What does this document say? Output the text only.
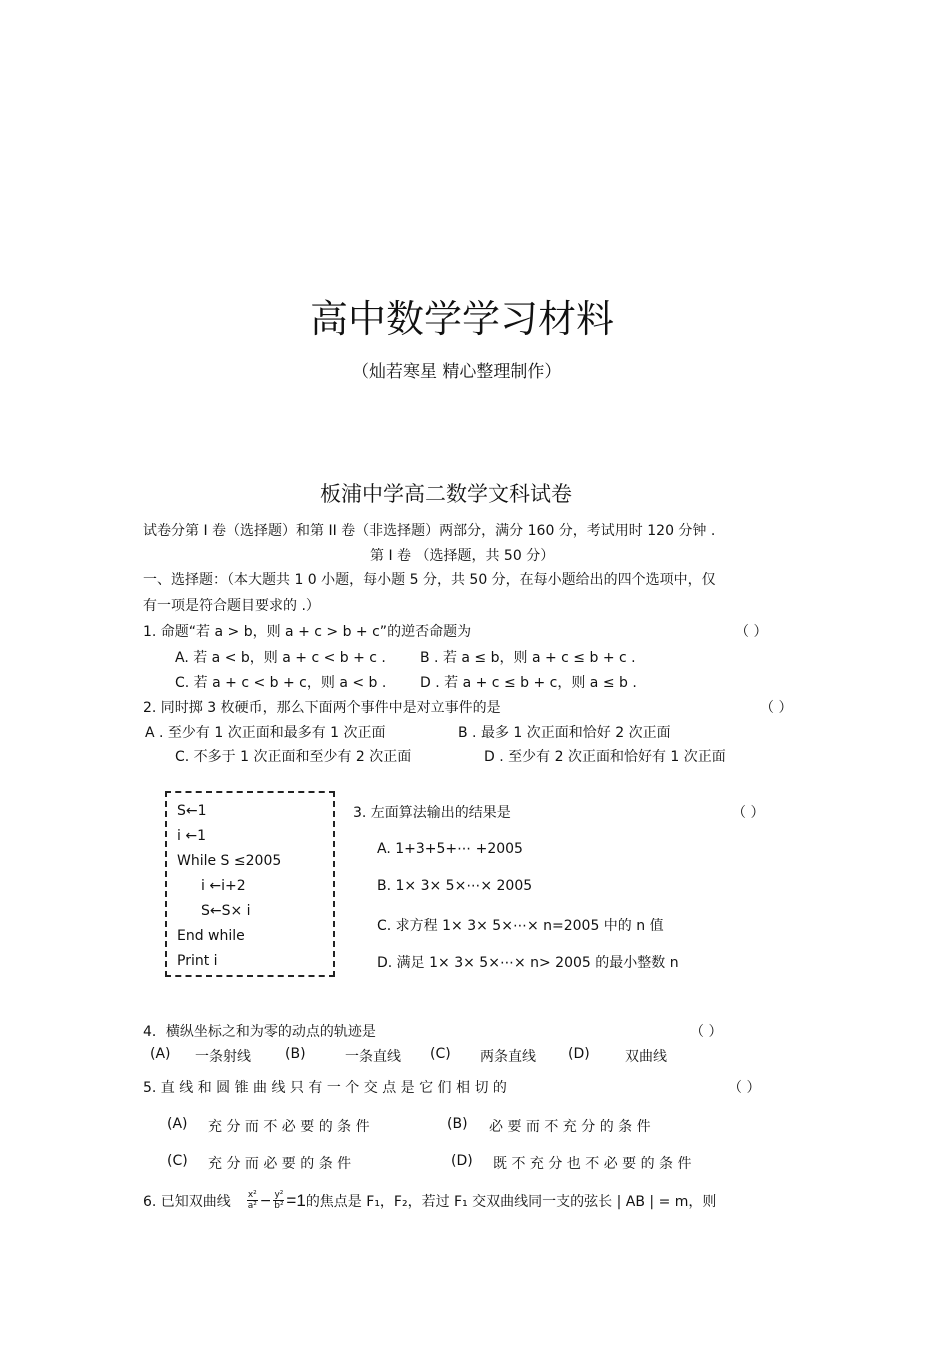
高中数学学习材料
（灿若寒星 精心整理制作）
板浦中学高二数学文科试卷
试卷分第 I 卷（选择题）和第 II 卷（非选择题）两部分，满分 160 分，考试用时 120 分钟 .
第 I 卷 （选择题，共 50 分）
一、选择题：（本大题共 1 0 小题，每小题 5 分，共 50 分，在每小题给出的四个选项中，仅
有一项是符合题目要求的 .）
1. 命题“若 a > b，则 a + c > b + c”的逆否命题为	（ ）
A. 若 a < b，则 a + c < b + c . B . 若 a ≤ b，则 a + c ≤ b + c .
C. 若 a + c < b + c，则 a < b . D . 若 a + c ≤ b + c，则 a ≤ b .
2. 同时掷 3 枚硬币，那么下面两个事件中是对立事件的是	（ ）
A . 至少有 1 次正面和最多有 1 次正面	B . 最多 1 次正面和恰好 2 次正面
C. 不多于 1 次正面和至少有 2 次正面	D . 至少有 2 次正面和恰好有 1 次正面
S←1
i ←1
While S ≤2005
i ←i+2
S←S× i
End while
Print i
3. 左面算法输出的结果是	（ ）
A. 1+3+5+⋯ +2005
B. 1× 3× 5×⋯× 2005
C. 求方程 1× 3× 5×⋯× n=2005 中的 n 值
D. 满足 1× 3× 5×⋯× n> 2005 的最小整数 n
4．横纵坐标之和为零的动点的轨迹是	（ ）
(A) 一条射线 (B)	一条直线 (C) 两条直线 (D)	双曲线
5. 直 线 和 圆 锥 曲 线 只 有 一 个 交 点 是 它 们 相 切 的	（ ）
(A) 充 分 而 不 必 要 的 条 件	(B) 必 要 而 不 充 分 的 条 件
(C) 充 分 而 必 要 的 条 件	(D) 既 不 充 分 也 不 必 要 的 条 件
6. 已知双曲线 $\frac{\text{x²}}{\text{a²}} - \frac{\text{y²}}{\text{b²}} =1$ 的焦点是 F₁，F₂，若过 F₁ 交双曲线同一支的弦长 | AB | = m，则
